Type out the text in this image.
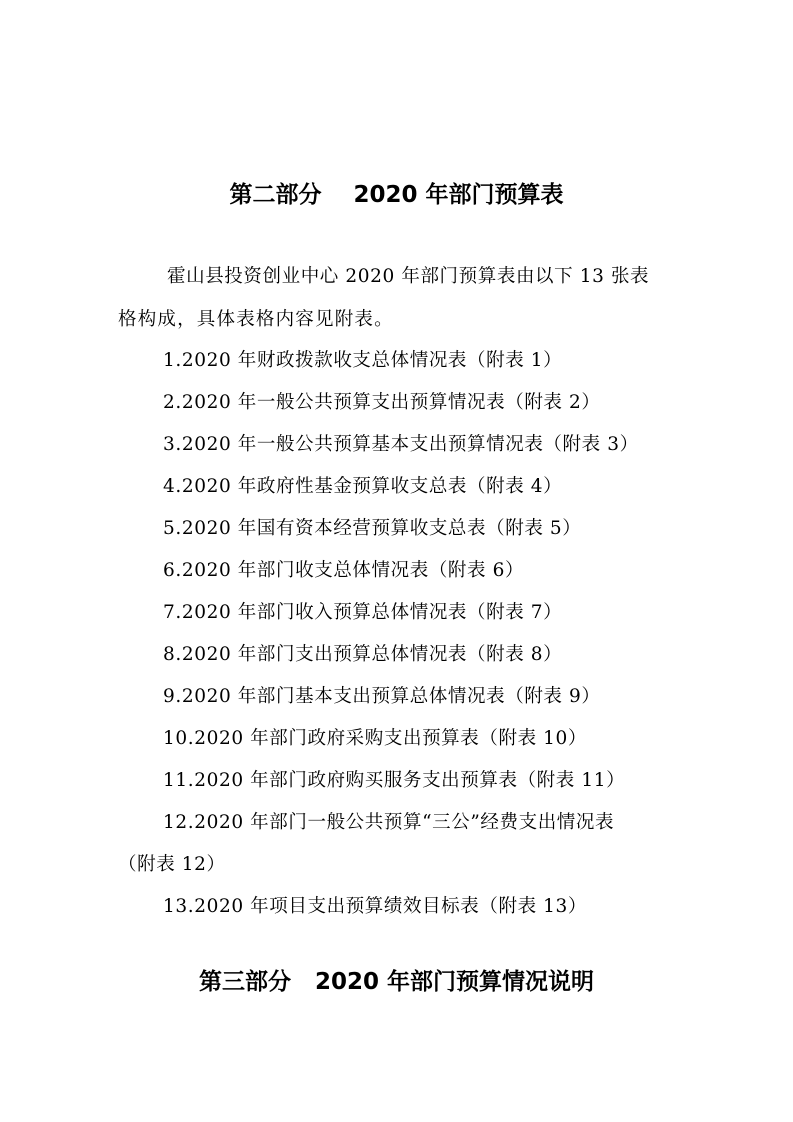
第二部分    2020 年部门预算表
霍山县投资创业中心 2020 年部门预算表由以下 13 张表
格构成，具体表格内容见附表。
1.2020 年财政拨款收支总体情况表（附表 1）
2.2020 年一般公共预算支出预算情况表（附表 2）
3.2020 年一般公共预算基本支出预算情况表（附表 3）
4.2020 年政府性基金预算收支总表（附表 4）
5.2020 年国有资本经营预算收支总表（附表 5）
6.2020 年部门收支总体情况表（附表 6）
7.2020 年部门收入预算总体情况表（附表 7）
8.2020 年部门支出预算总体情况表（附表 8）
9.2020 年部门基本支出预算总体情况表（附表 9）
10.2020 年部门政府采购支出预算表（附表 10）
11.2020 年部门政府购买服务支出预算表（附表 11）
12.2020 年部门一般公共预算“三公”经费支出情况表
（附表 12）
13.2020 年项目支出预算绩效目标表（附表 13）
第三部分   2020 年部门预算情况说明
